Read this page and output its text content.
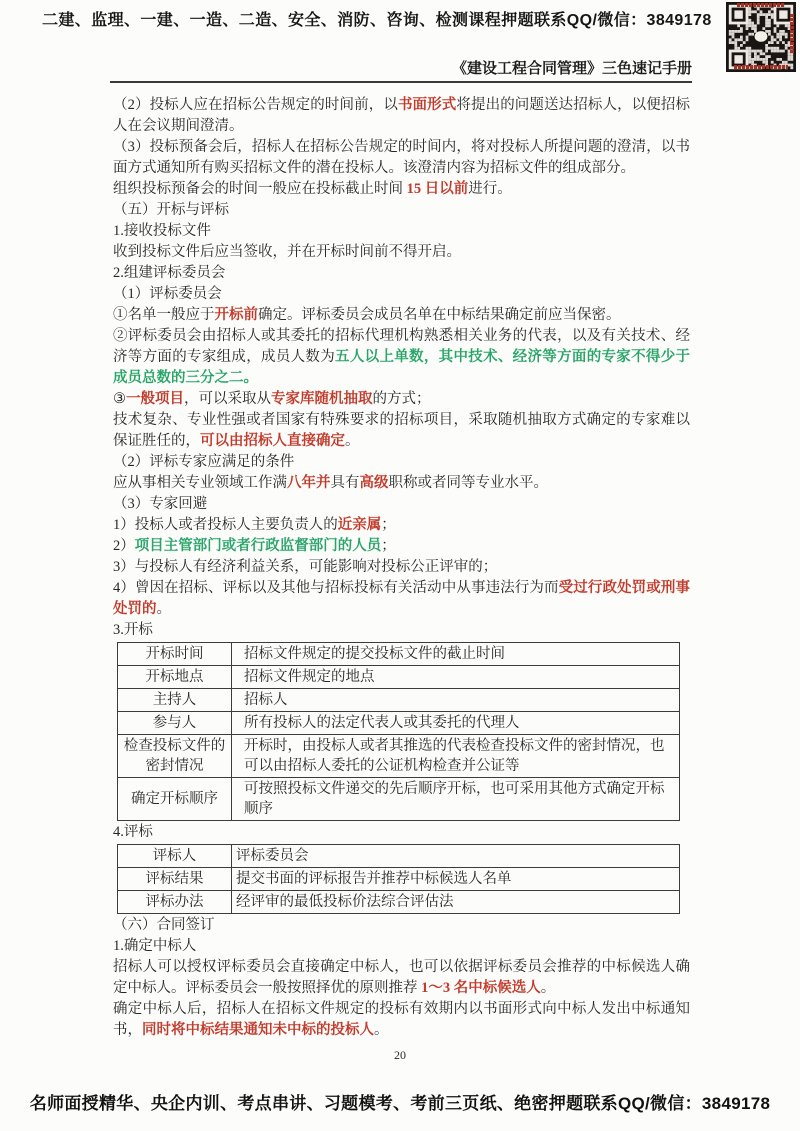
二建、监理、一建、一造、二造、安全、消防、咨询、检测课程押题联系QQ/微信：3849178
《建设工程合同管理》三色速记手册
（2）投标人应在招标公告规定的时间前，以书面形式将提出的问题送达招标人，以便招标人在会议期间澄清。
（3）投标预备会后，招标人在招标公告规定的时间内，将对投标人所提问题的澄清，以书面方式通知所有购买招标文件的潜在投标人。该澄清内容为招标文件的组成部分。
组织投标预备会的时间一般应在投标截止时间 15 日以前进行。
（五）开标与评标
1.接收投标文件
收到投标文件后应当签收，并在开标时间前不得开启。
2.组建评标委员会
（1）评标委员会
①名单一般应于开标前确定。评标委员会成员名单在中标结果确定前应当保密。
②评标委员会由招标人或其委托的招标代理机构熟悉相关业务的代表，以及有关技术、经济等方面的专家组成，成员人数为五人以上单数，其中技术、经济等方面的专家不得少于成员总数的三分之二。
③一般项目，可以采取从专家库随机抽取的方式；
技术复杂、专业性强或者国家有特殊要求的招标项目，采取随机抽取方式确定的专家难以保证胜任的，可以由招标人直接确定。
（2）评标专家应满足的条件
应从事相关专业领域工作满八年并具有高级职称或者同等专业水平。
（3）专家回避
1）投标人或者投标人主要负责人的近亲属；
2）项目主管部门或者行政监督部门的人员；
3）与投标人有经济利益关系，可能影响对投标公正评审的；
4）曾因在招标、评标以及其他与招标投标有关活动中从事违法行为而受过行政处罚或刑事处罚的。
3.开标
开标时间	招标文件规定的提交投标文件的截止时间
开标地点	招标文件规定的地点
主持人	招标人
参与人	所有投标人的法定代表人或其委托的代理人
检查投标文件的密封情况	开标时，由投标人或者其推选的代表检查投标文件的密封情况，也可以由招标人委托的公证机构检查并公证等
确定开标顺序	可按照投标文件递交的先后顺序开标，也可采用其他方式确定开标顺序
4.评标
评标人	评标委员会
评标结果	提交书面的评标报告并推荐中标候选人名单
评标办法	经评审的最低投标价法综合评估法
（六）合同签订
1.确定中标人
招标人可以授权评标委员会直接确定中标人，也可以依据评标委员会推荐的中标候选人确定中标人。评标委员会一般按照择优的原则推荐 1～3 名中标候选人。
确定中标人后，招标人在招标文件规定的投标有效期内以书面形式向中标人发出中标通知书，同时将中标结果通知未中标的投标人。
20
名师面授精华、央企内训、考点串讲、习题模考、考前三页纸、绝密押题联系QQ/微信：3849178
